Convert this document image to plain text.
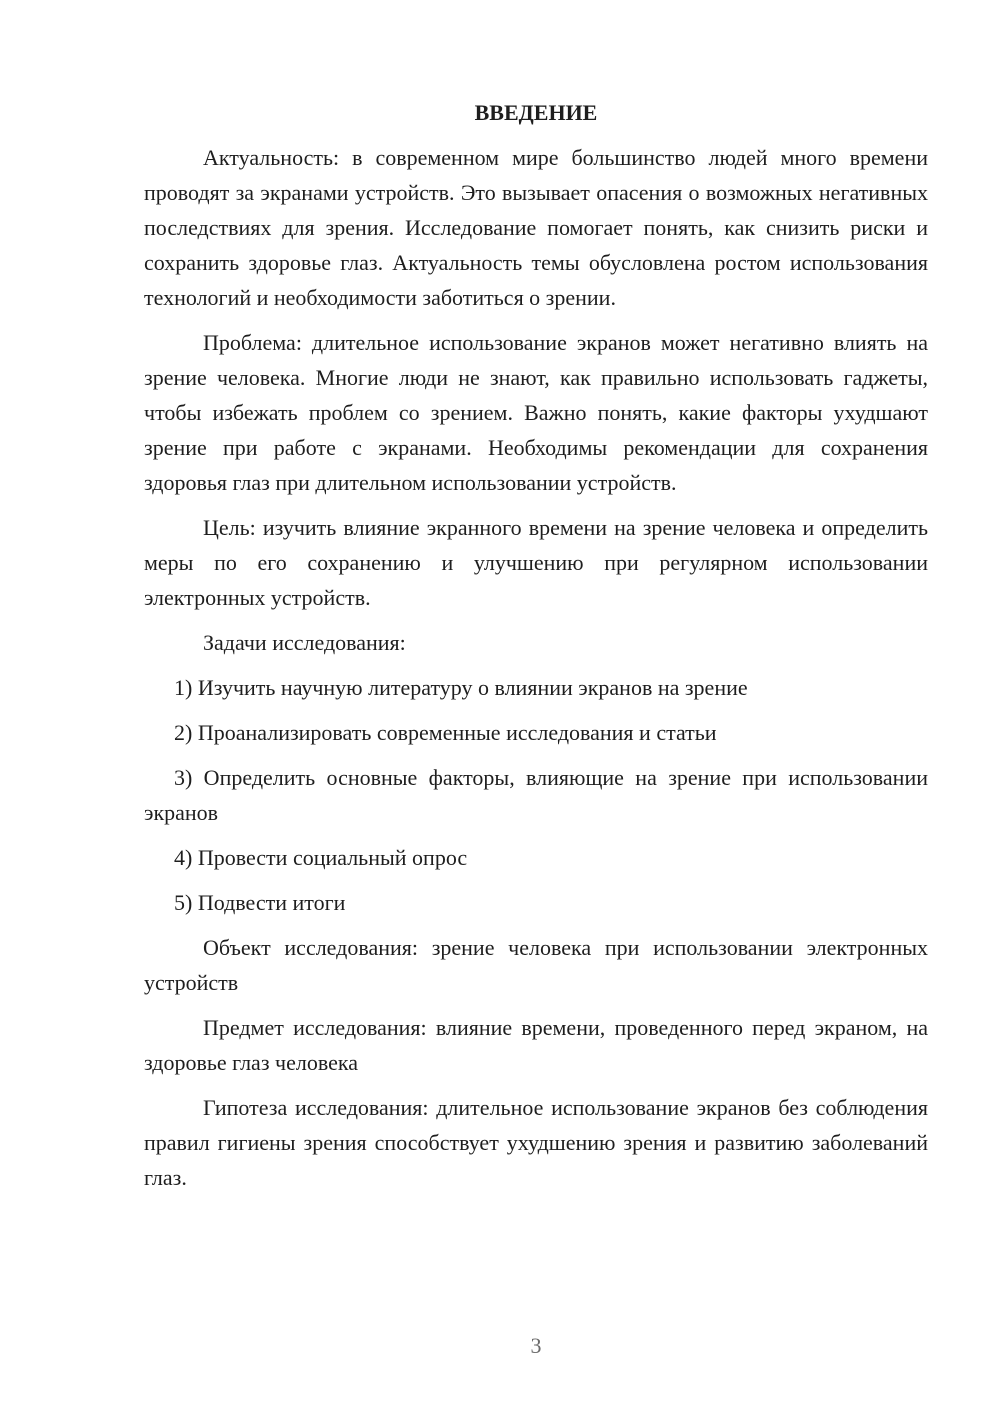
ВВЕДЕНИЕ

Актуальность: в современном мире большинство людей много времени проводят за экранами устройств. Это вызывает опасения о возможных негативных последствиях для зрения. Исследование помогает понять, как снизить риски и сохранить здоровье глаз. Актуальность темы обусловлена ростом использования технологий и необходимости заботиться о зрении.

Проблема: длительное использование экранов может негативно влиять на зрение человека. Многие люди не знают, как правильно использовать гаджеты, чтобы избежать проблем со зрением. Важно понять, какие факторы ухудшают зрение при работе с экранами. Необходимы рекомендации для сохранения здоровья глаз при длительном использовании устройств.

Цель: изучить влияние экранного времени на зрение человека и определить меры по его сохранению и улучшению при регулярном использовании электронных устройств.

Задачи исследования:

1) Изучить научную литературу о влиянии экранов на зрение

2) Проанализировать современные исследования и статьи

3) Определить основные факторы, влияющие на зрение при использовании экранов

4) Провести социальный опрос

5) Подвести итоги

Объект исследования: зрение человека при использовании электронных устройств

Предмет исследования: влияние времени, проведенного перед экраном, на здоровье глаз человека

Гипотеза исследования: длительное использование экранов без соблюдения правил гигиены зрения способствует ухудшению зрения и развитию заболеваний глаз.

3
